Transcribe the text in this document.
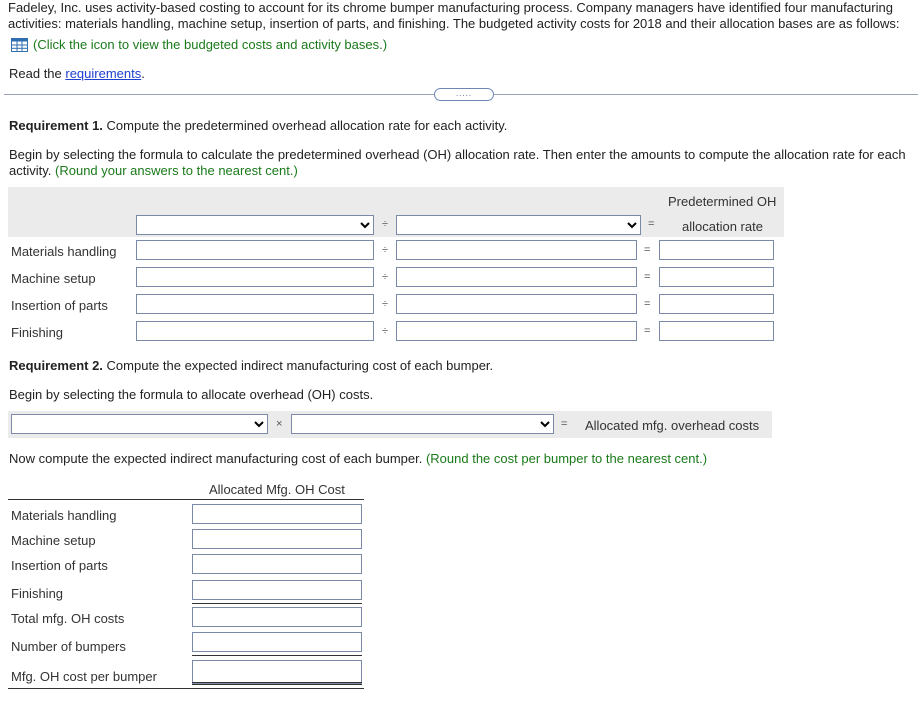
Fadeley, Inc. uses activity-based costing to account for its chrome bumper manufacturing process. Company managers have identified four manufacturing activities: materials handling, machine setup, insertion of parts, and finishing. The budgeted activity costs for 2018 and their allocation bases are as follows:
(Click the icon to view the budgeted costs and activity bases.)
Read the requirements.
.....
Requirement 1. Compute the predetermined overhead allocation rate for each activity.
Begin by selecting the formula to calculate the predetermined overhead (OH) allocation rate. Then enter the amounts to compute the allocation rate for each activity. (Round your answers to the nearest cent.)
Predetermined OH
allocation rate
÷	=
Materials handling	÷	=
Machine setup	÷	=
Insertion of parts	÷	=
Finishing	÷	=
Requirement 2. Compute the expected indirect manufacturing cost of each bumper.
Begin by selecting the formula to allocate overhead (OH) costs.
×	= Allocated mfg. overhead costs
Now compute the expected indirect manufacturing cost of each bumper. (Round the cost per bumper to the nearest cent.)
Allocated Mfg. OH Cost
Materials handling
Machine setup
Insertion of parts
Finishing
Total mfg. OH costs
Number of bumpers
Mfg. OH cost per bumper
